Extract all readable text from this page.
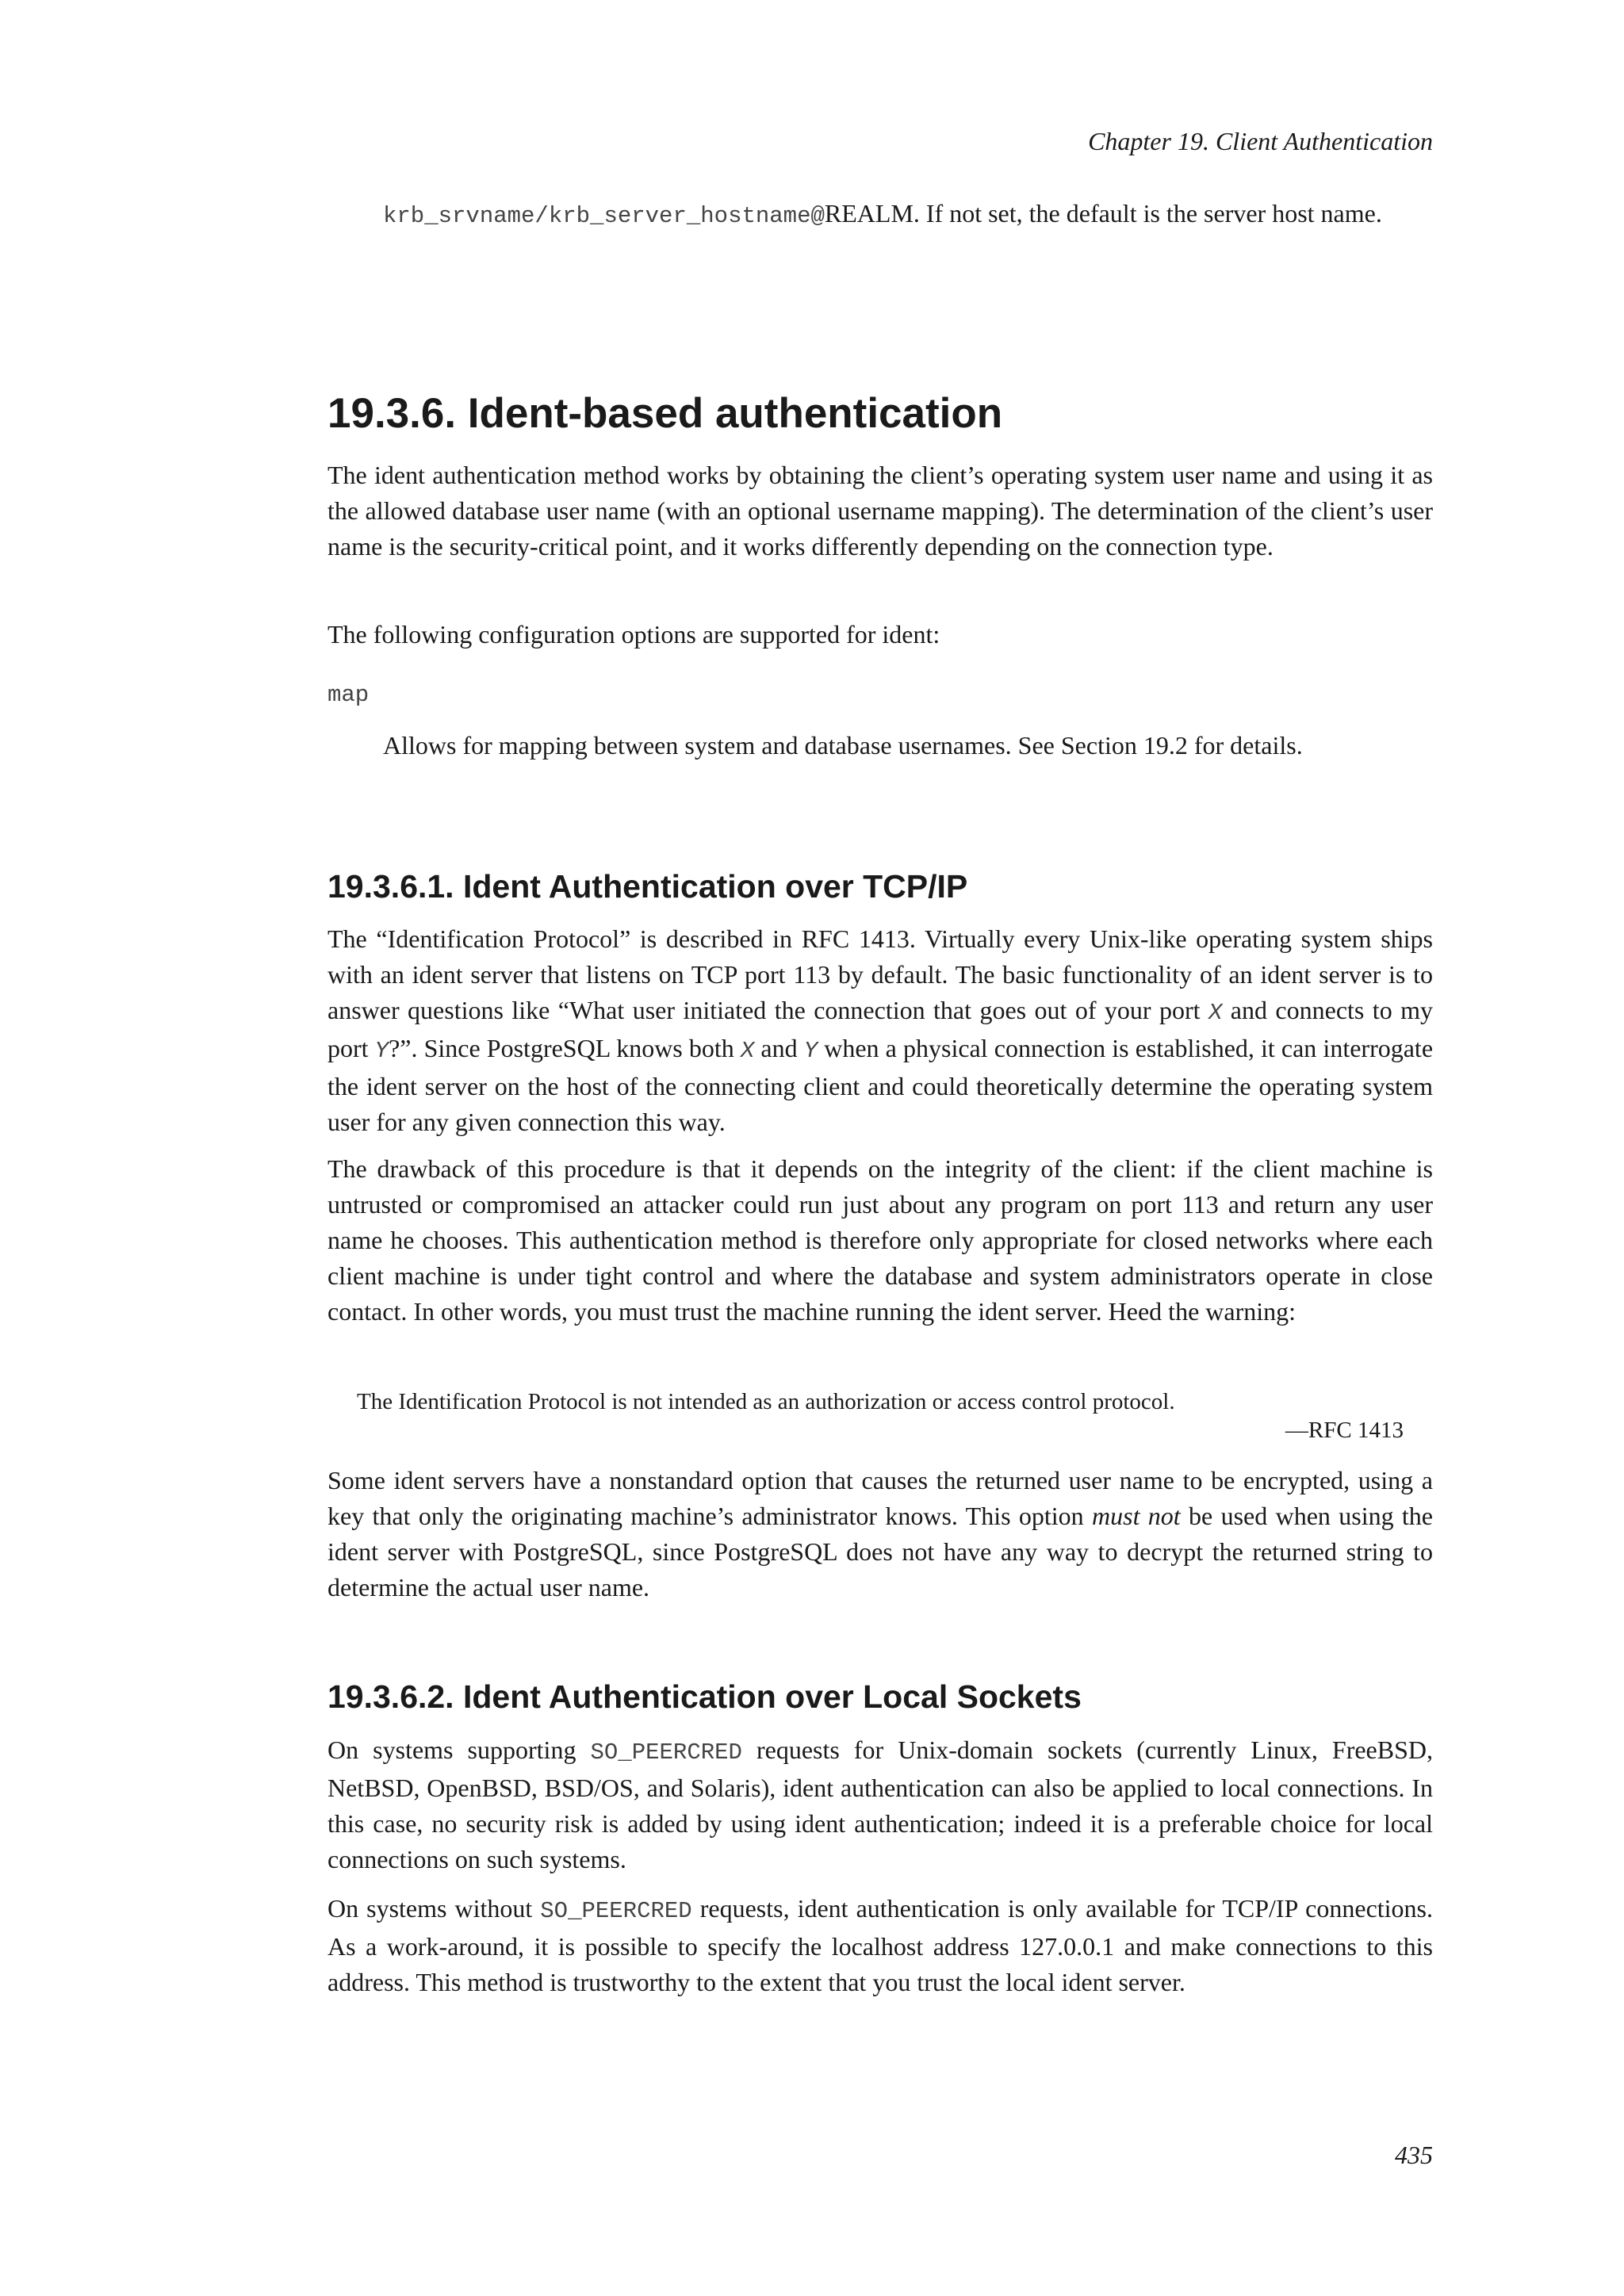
Chapter 19. Client Authentication

krb_srvname/krb_server_hostname@REALM. If not set, the default is the server host name.

19.3.6. Ident-based authentication

The ident authentication method works by obtaining the client’s operating system user name and using it as the allowed database user name (with an optional username mapping). The determination of the client’s user name is the security-critical point, and it works differently depending on the connection type.

The following configuration options are supported for ident:

map

Allows for mapping between system and database usernames. See Section 19.2 for details.

19.3.6.1. Ident Authentication over TCP/IP

The “Identification Protocol” is described in RFC 1413. Virtually every Unix-like operating system ships with an ident server that listens on TCP port 113 by default. The basic functionality of an ident server is to answer questions like “What user initiated the connection that goes out of your port X and connects to my port Y?”. Since PostgreSQL knows both X and Y when a physical connection is established, it can interrogate the ident server on the host of the connecting client and could theoretically determine the operating system user for any given connection this way.

The drawback of this procedure is that it depends on the integrity of the client: if the client machine is untrusted or compromised an attacker could run just about any program on port 113 and return any user name he chooses. This authentication method is therefore only appropriate for closed networks where each client machine is under tight control and where the database and system administrators operate in close contact. In other words, you must trust the machine running the ident server. Heed the warning:

The Identification Protocol is not intended as an authorization or access control protocol.
—RFC 1413

Some ident servers have a nonstandard option that causes the returned user name to be encrypted, using a key that only the originating machine’s administrator knows. This option must not be used when using the ident server with PostgreSQL, since PostgreSQL does not have any way to decrypt the returned string to determine the actual user name.

19.3.6.2. Ident Authentication over Local Sockets

On systems supporting SO_PEERCRED requests for Unix-domain sockets (currently Linux, FreeBSD, NetBSD, OpenBSD, BSD/OS, and Solaris), ident authentication can also be applied to local connections. In this case, no security risk is added by using ident authentication; indeed it is a preferable choice for local connections on such systems.

On systems without SO_PEERCRED requests, ident authentication is only available for TCP/IP connections. As a work-around, it is possible to specify the localhost address 127.0.0.1 and make connections to this address. This method is trustworthy to the extent that you trust the local ident server.

435
